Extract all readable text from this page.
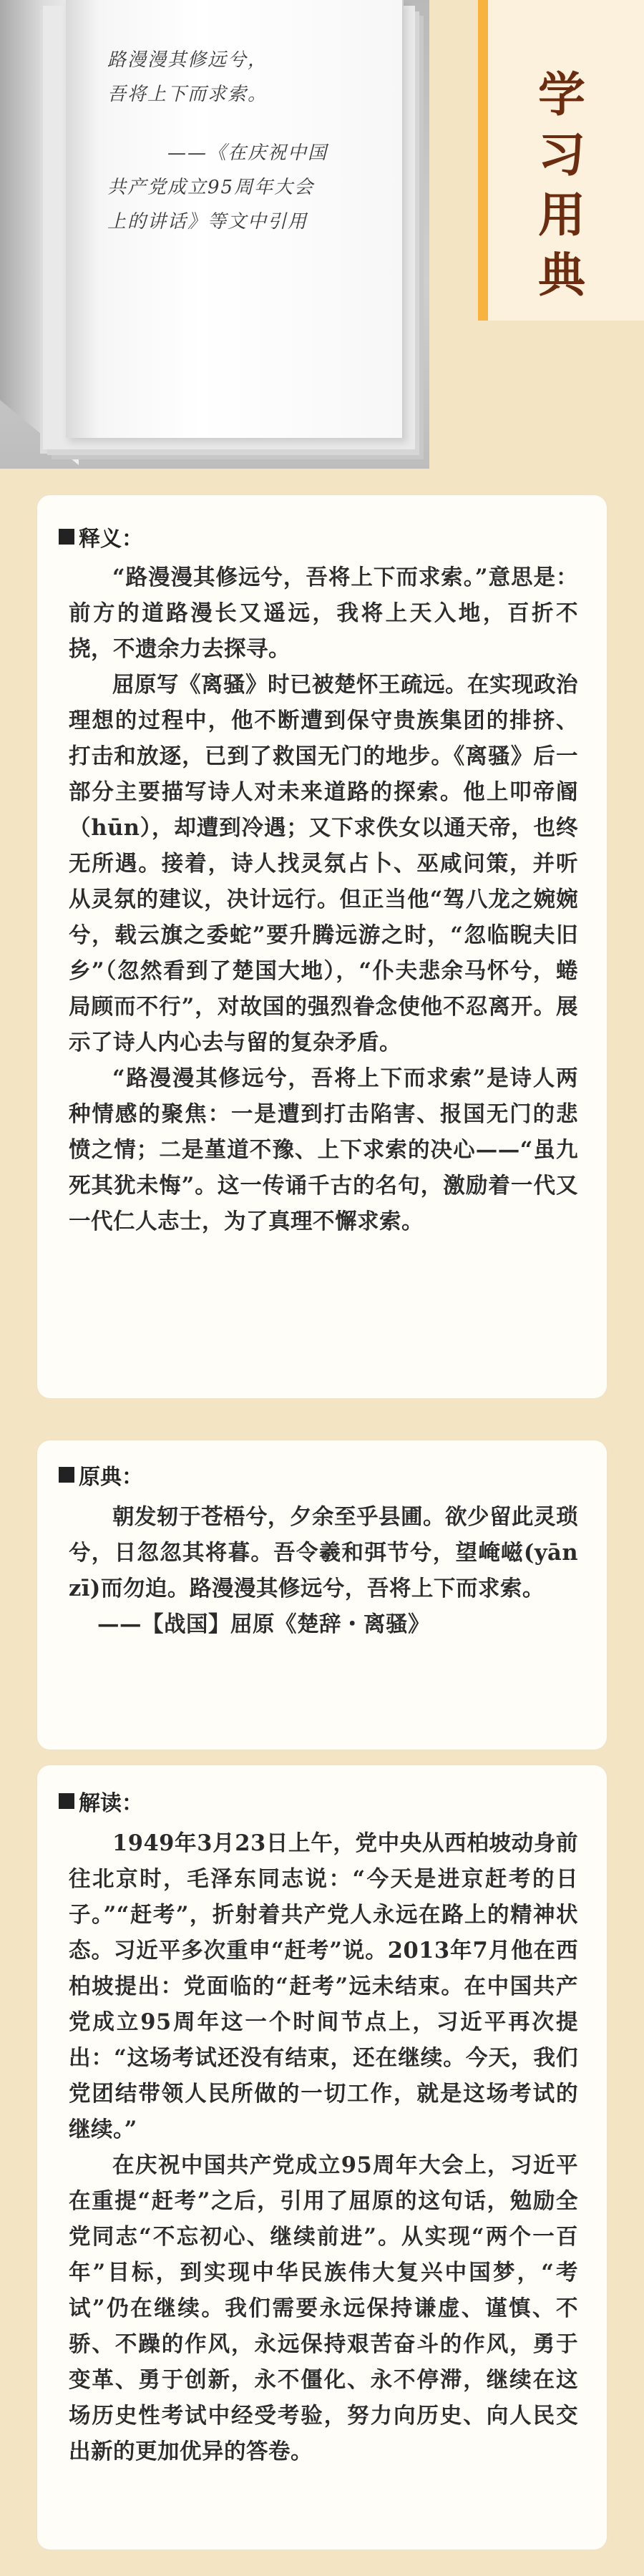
路漫漫其修远兮，
吾将上下而求索。
——《在庆祝中国
共产党成立95周年大会
上的讲话》等文中引用
学
习
用
典
释义：

“路漫漫其修远兮，吾将上下而求索。”意思是：前方的道路漫长又遥远，我将上天入地，百折不挠，不遗余力去探寻。

屈原写《离骚》时已被楚怀王疏远。在实现政治理想的过程中，他不断遭到保守贵族集团的排挤、打击和放逐，已到了救国无门的地步。《离骚》后一部分主要描写诗人对未来道路的探索。他上叩帝阍（hūn），却遭到冷遇；又下求佚女以通天帝，也终无所遇。接着，诗人找灵氛占卜、巫咸问策，并听从灵氛的建议，决计远行。但正当他“驾八龙之婉婉兮，载云旗之委蛇”要升腾远游之时，“忽临睨夫旧乡”（忽然看到了楚国大地），“仆夫悲余马怀兮，蜷局顾而不行”，对故国的强烈眷念使他不忍离开。展示了诗人内心去与留的复杂矛盾。

“路漫漫其修远兮，吾将上下而求索”是诗人两种情感的聚焦：一是遭到打击陷害、报国无门的悲愤之情；二是堇道不豫、上下求索的决心——“虽九死其犹未悔”。这一传诵千古的名句，激励着一代又一代仁人志士，为了真理不懈求索。

原典：

朝发轫于苍梧兮，夕余至乎县圃。欲少留此灵琐兮，日忽忽其将暮。吾令羲和弭节兮，望崦嵫(yān zī)而勿迫。路漫漫其修远兮，吾将上下而求索。

——【战国】屈原《楚辞・离骚》

解读：

1949年3月23日上午，党中央从西柏坡动身前往北京时，毛泽东同志说：“今天是进京赶考的日子。”“赶考”，折射着共产党人永远在路上的精神状态。习近平多次重申“赶考”说。2013年7月他在西柏坡提出：党面临的“赶考”远未结束。在中国共产党成立95周年这一个时间节点上，习近平再次提出：“这场考试还没有结束，还在继续。今天，我们党团结带领人民所做的一切工作，就是这场考试的继续。”

在庆祝中国共产党成立95周年大会上，习近平在重提“赶考”之后，引用了屈原的这句话，勉励全党同志“不忘初心、继续前进”。从实现“两个一百年”目标，到实现中华民族伟大复兴中国梦，“考试”仍在继续。我们需要永远保持谦虚、谨慎、不骄、不躁的作风，永远保持艰苦奋斗的作风，勇于变革、勇于创新，永不僵化、永不停滞，继续在这场历史性考试中经受考验，努力向历史、向人民交出新的更加优异的答卷。
